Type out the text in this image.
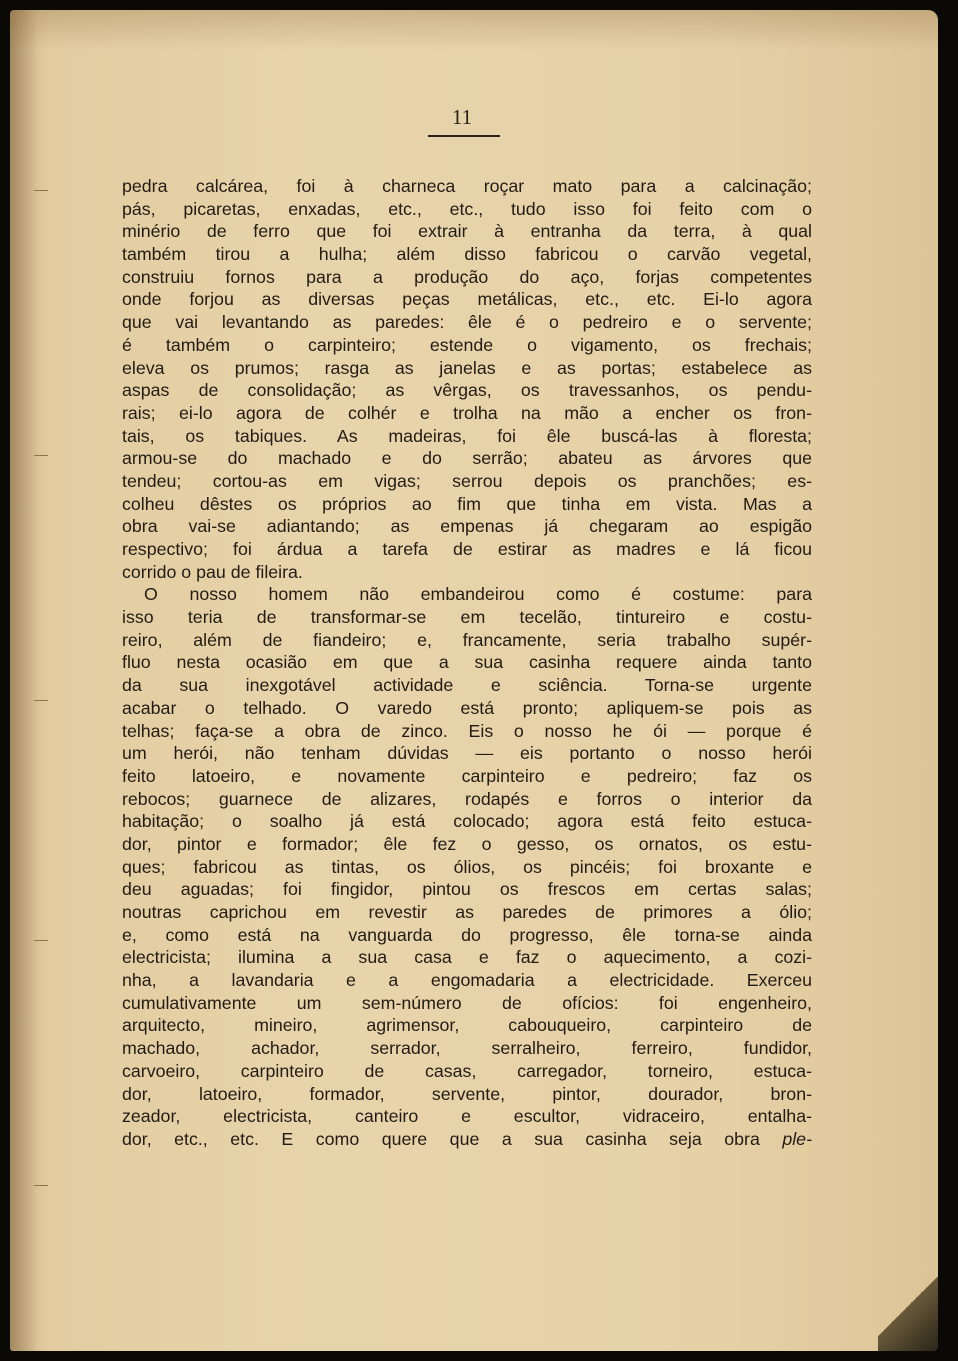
11

pedra calcárea, foi à charneca roçar mato para a calcinação;
pás, picaretas, enxadas, etc., etc., tudo isso foi feito com o
minério de ferro que foi extrair à entranha da terra, à qual
também tirou a hulha; além disso fabricou o carvão vegetal,
construiu fornos para a produção do aço, forjas competentes
onde forjou as diversas peças metálicas, etc., etc. Ei-lo agora
que vai levantando as paredes: êle é o pedreiro e o servente;
é também o carpinteiro; estende o vigamento, os frechais;
eleva os prumos; rasga as janelas e as portas; estabelece as
aspas de consolidação; as vêrgas, os travessanhos, os pendu-
rais; ei-lo agora de colhér e trolha na mão a encher os fron-
tais, os tabiques. As madeiras, foi êle buscá-las à floresta;
armou-se do machado e do serrão; abateu as árvores que
tendeu; cortou-as em vigas; serrou depois os pranchões; es-
colheu dêstes os próprios ao fim que tinha em vista. Mas a
obra vai-se adiantando; as empenas já chegaram ao espigão
respectivo; foi árdua a tarefa de estirar as madres e lá ficou
corrido o pau de fileira.
O nosso homem não embandeirou como é costume: para
isso teria de transformar-se em tecelão, tintureiro e costu-
reiro, além de fiandeiro; e, francamente, seria trabalho supér-
fluo nesta ocasião em que a sua casinha requere ainda tanto
da sua inexgotável actividade e sciência. Torna-se urgente
acabar o telhado. O varedo está pronto; apliquem-se pois as
telhas; faça-se a obra de zinco. Eis o nosso he ói — porque é
um herói, não tenham dúvidas — eis portanto o nosso herói
feito latoeiro, e novamente carpinteiro e pedreiro; faz os
rebocos; guarnece de alizares, rodapés e forros o interior da
habitação; o soalho já está colocado; agora está feito estuca-
dor, pintor e formador; êle fez o gesso, os ornatos, os estu-
ques; fabricou as tintas, os ólios, os pincéis; foi broxante e
deu aguadas; foi fingidor, pintou os frescos em certas salas;
noutras caprichou em revestir as paredes de primores a ólio;
e, como está na vanguarda do progresso, êle torna-se ainda
electricista; ilumina a sua casa e faz o aquecimento, a cozi-
nha, a lavandaria e a engomadaria a electricidade. Exerceu
cumulativamente um sem-número de ofícios: foi engenheiro,
arquitecto, mineiro, agrimensor, cabouqueiro, carpinteiro de
machado, achador, serrador, serralheiro, ferreiro, fundidor,
carvoeiro, carpinteiro de casas, carregador, torneiro, estuca-
dor, latoeiro, formador, servente, pintor, dourador, bron-
zeador, electricista, canteiro e escultor, vidraceiro, entalha-
dor, etc., etc. E como quere que a sua casinha seja obra ple-
